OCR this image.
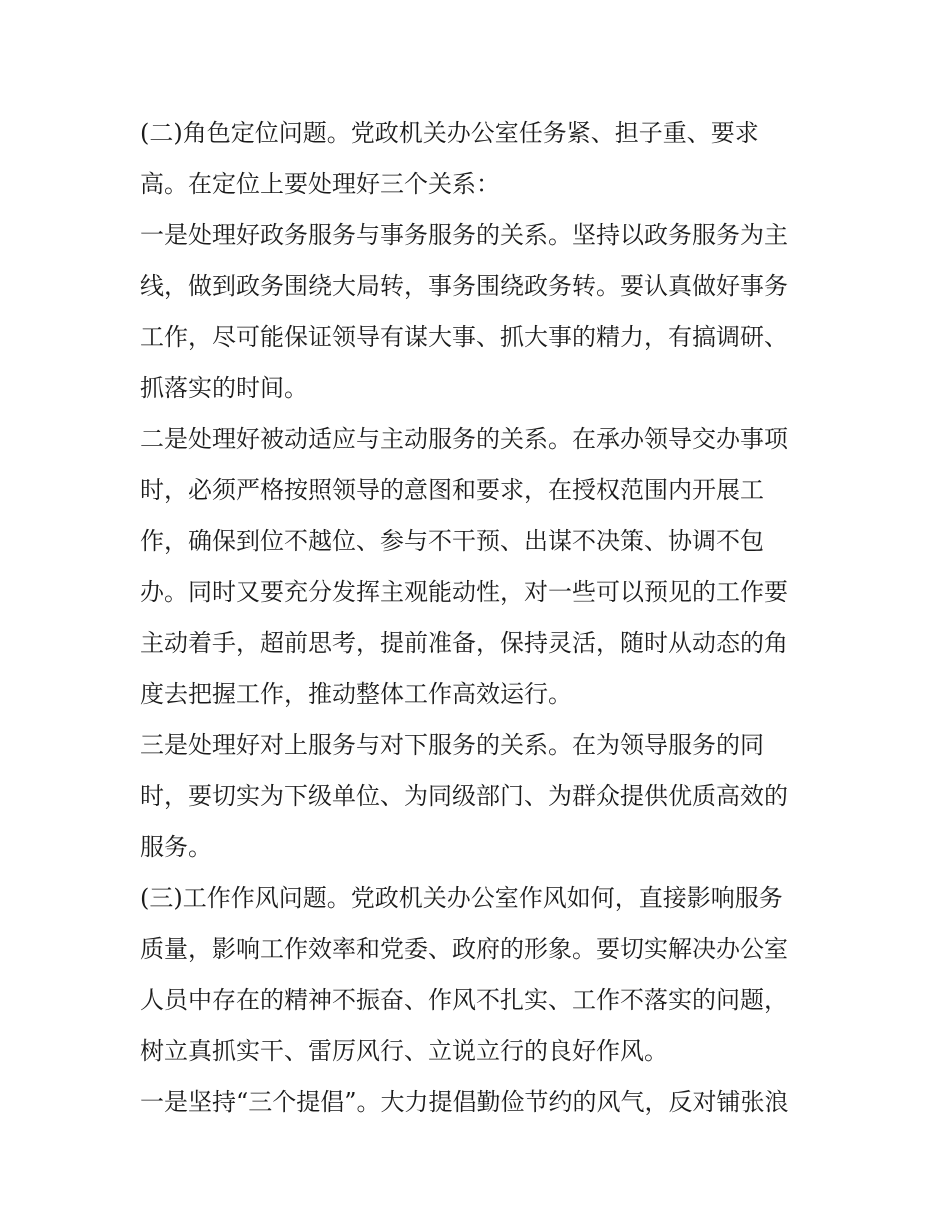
(二)角色定位问题。党政机关办公室任务紧、担子重、要求
高。在定位上要处理好三个关系：
一是处理好政务服务与事务服务的关系。坚持以政务服务为主
线，做到政务围绕大局转，事务围绕政务转。要认真做好事务
工作，尽可能保证领导有谋大事、抓大事的精力，有搞调研、
抓落实的时间。
二是处理好被动适应与主动服务的关系。在承办领导交办事项
时，必须严格按照领导的意图和要求，在授权范围内开展工
作，确保到位不越位、参与不干预、出谋不决策、协调不包
办。同时又要充分发挥主观能动性，对一些可以预见的工作要
主动着手，超前思考，提前准备，保持灵活，随时从动态的角
度去把握工作，推动整体工作高效运行。
三是处理好对上服务与对下服务的关系。在为领导服务的同
时，要切实为下级单位、为同级部门、为群众提供优质高效的
服务。
(三)工作作风问题。党政机关办公室作风如何，直接影响服务
质量，影响工作效率和党委、政府的形象。要切实解决办公室
人员中存在的精神不振奋、作风不扎实、工作不落实的问题，
树立真抓实干、雷厉风行、立说立行的良好作风。
一是坚持“三个提倡”。大力提倡勤俭节约的风气，反对铺张浪
